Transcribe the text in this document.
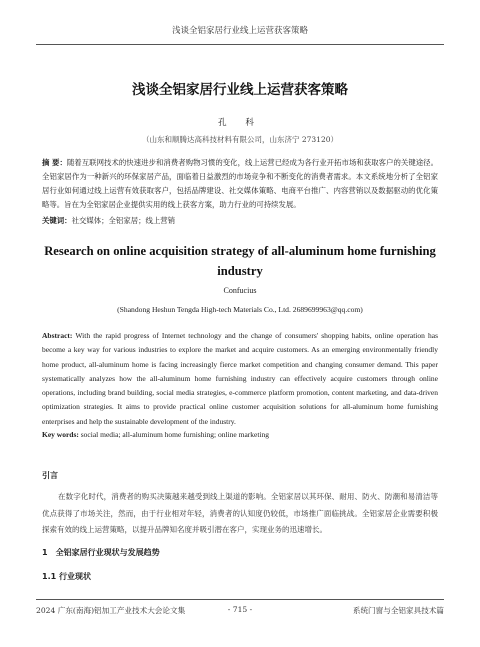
浅谈全铝家居行业线上运营获客策略
浅谈全铝家居行业线上运营获客策略
孔 科
（山东和顺腾达高科技材料有限公司，山东济宁 273120）
摘 要：随着互联网技术的快速进步和消费者购物习惯的变化，线上运营已经成为各行业开拓市场和获取客户的关键途径。全铝家居作为一种新兴的环保家居产品，面临着日益激烈的市场竞争和不断变化的消费者需求。本文系统地分析了全铝家居行业如何通过线上运营有效获取客户，包括品牌建设、社交媒体策略、电商平台推广、内容营销以及数据驱动的优化策略等。旨在为全铝家居企业提供实用的线上获客方案，助力行业的可持续发展。
关键词：社交媒体；全铝家居；线上营销
Research on online acquisition strategy of all-aluminum home furnishing industry
Confucius
(Shandong Heshun Tengda High-tech Materials Co., Ltd. 2689699963@qq.com)
Abstract: With the rapid progress of Internet technology and the change of consumers' shopping habits, online operation has become a key way for various industries to explore the market and acquire customers. As an emerging environmentally friendly home product, all-aluminum home is facing increasingly fierce market competition and changing consumer demand. This paper systematically analyzes how the all-aluminum home furnishing industry can effectively acquire customers through online operations, including brand building, social media strategies, e-commerce platform promotion, content marketing, and data-driven optimization strategies. It aims to provide practical online customer acquisition solutions for all-aluminum home furnishing enterprises and help the sustainable development of the industry.
Key words: social media; all-aluminum home furnishing; online marketing
引言
在数字化时代，消费者的购买决策越来越受到线上渠道的影响。全铝家居以其环保、耐用、防火、防潮和易清洁等优点获得了市场关注，然而，由于行业相对年轻，消费者的认知度仍较低，市场推广面临挑战。全铝家居企业需要积极探索有效的线上运营策略，以提升品牌知名度并吸引潜在客户，实现业务的迅速增长。
1　全铝家居行业现状与发展趋势
1.1 行业现状
2024 广东(南海)铝加工产业技术大会论文集	- 715 -	系统门窗与全铝家具技术篇
